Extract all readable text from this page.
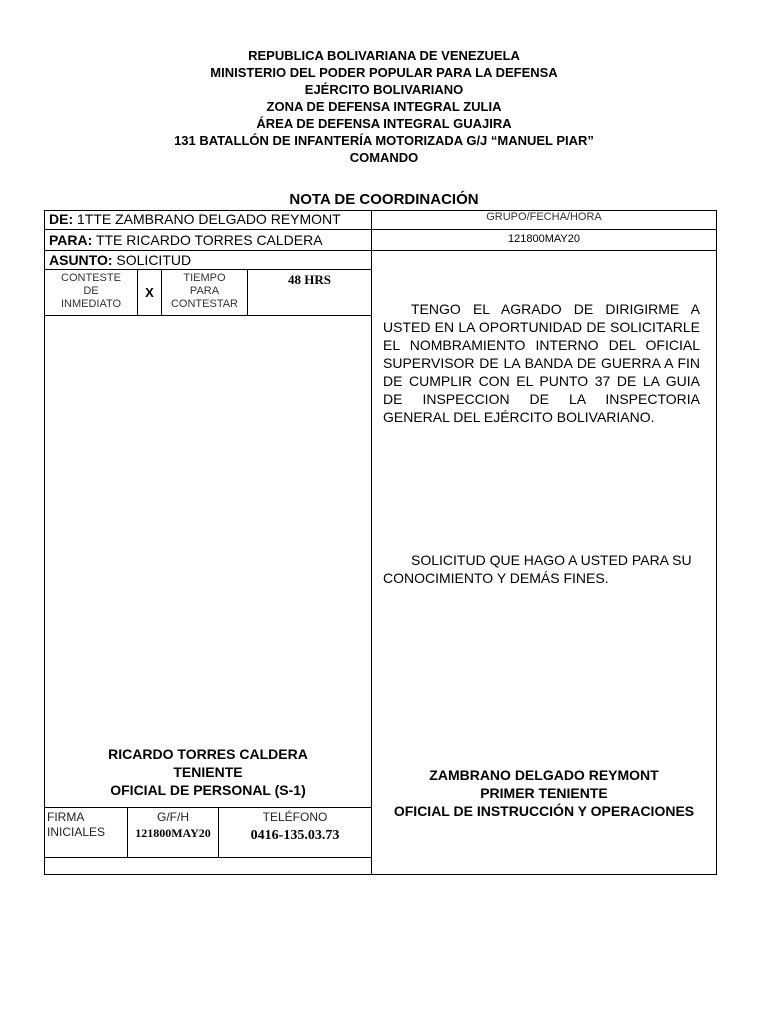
REPUBLICA BOLIVARIANA DE VENEZUELA
MINISTERIO DEL PODER POPULAR PARA LA DEFENSA
EJÉRCITO BOLIVARIANO
ZONA DE DEFENSA INTEGRAL ZULIA
ÁREA DE DEFENSA INTEGRAL GUAJIRA
131 BATALLÓN DE INFANTERÍA MOTORIZADA G/J “MANUEL PIAR”
COMANDO
NOTA DE COORDINACIÓN
DE: 1TTE ZAMBRANO DELGADO REYMONT	GRUPO/FECHA/HORA
PARA: TTE RICARDO TORRES CALDERA	121800MAY20
ASUNTO: SOLICITUD
CONTESTE
DE
INMEDIATO
X
TIEMPO
PARA
CONTESTAR
48 HRS
TENGO EL AGRADO DE DIRIGIRME A USTED EN LA OPORTUNIDAD DE SOLICITARLE EL NOMBRAMIENTO INTERNO DEL OFICIAL SUPERVISOR DE LA BANDA DE GUERRA A FIN DE CUMPLIR CON EL PUNTO 37 DE LA GUIA DE INSPECCION DE LA INSPECTORIA GENERAL DEL EJÉRCITO BOLIVARIANO.
SOLICITUD QUE HAGO A USTED PARA SU CONOCIMIENTO Y DEMÁS FINES.
RICARDO TORRES CALDERA
TENIENTE
OFICIAL DE PERSONAL (S-1)
ZAMBRANO DELGADO REYMONT
PRIMER TENIENTE
OFICIAL DE INSTRUCCIÓN Y OPERACIONES
FIRMA
INICIALES
G/F/H
121800MAY20
TELÉFONO
0416-135.03.73
